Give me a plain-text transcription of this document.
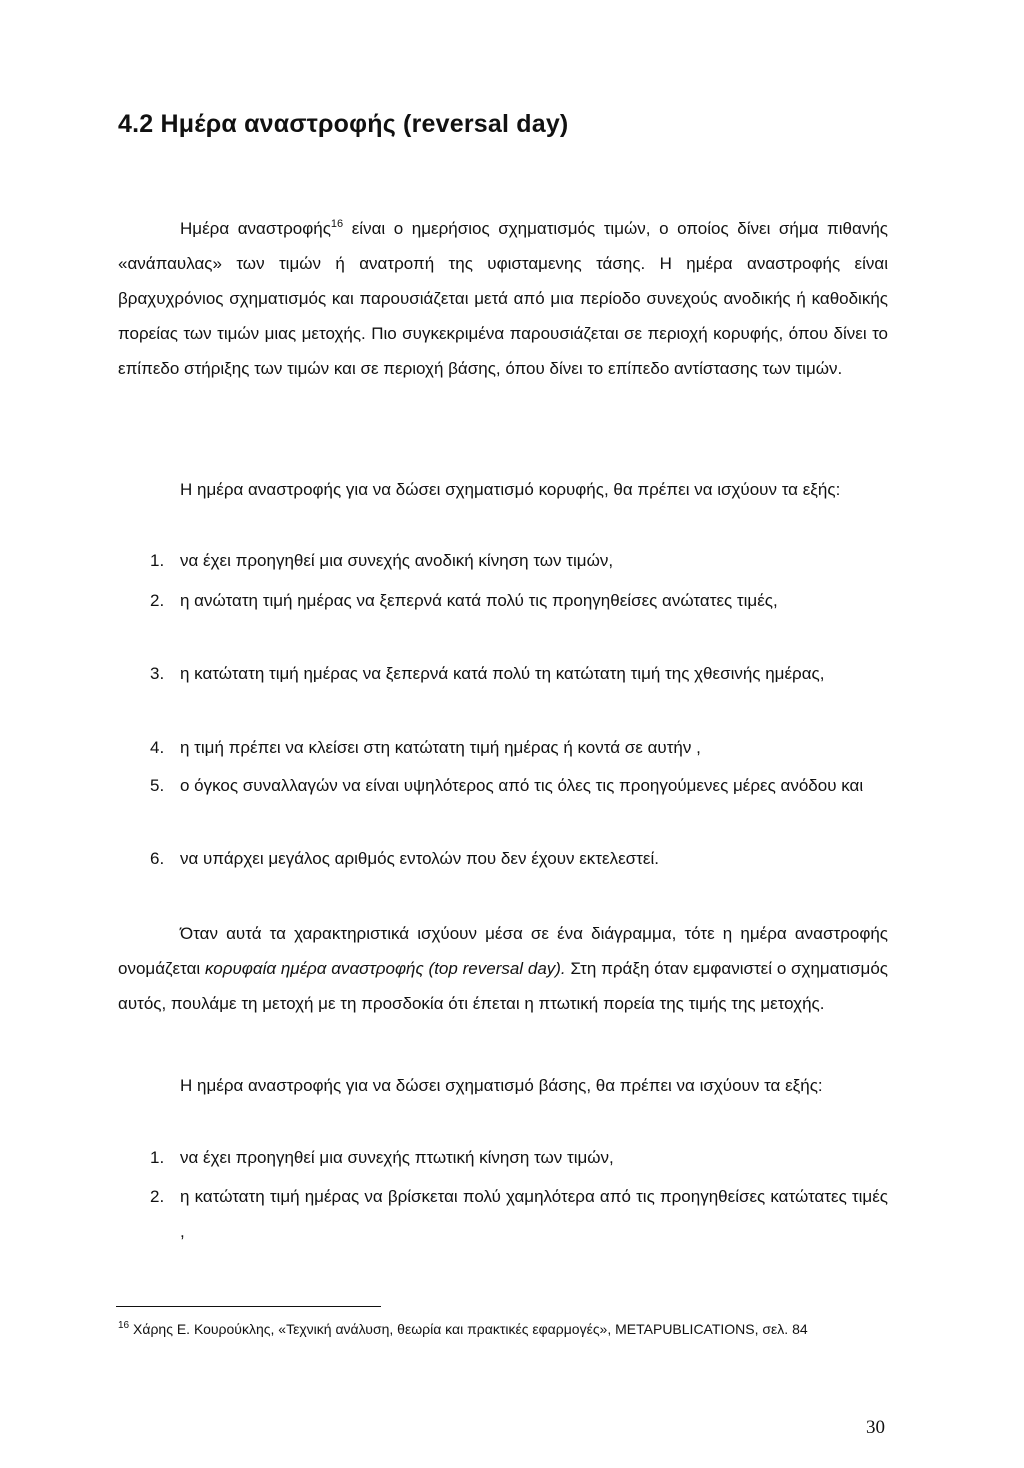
4.2 Ημέρα αναστροφής (reversal day)
Ημέρα αναστροφής$^{16}$ είναι ο ημερήσιος σχηματισμός τιμών, ο οποίος δίνει σήμα πιθανής «ανάπαυλας» των τιμών ή ανατροπή της υφισταμενης τάσης. Η ημέρα αναστροφής είναι βραχυχρόνιος σχηματισμός και παρουσιάζεται μετά από μια περίοδο συνεχούς ανοδικής ή καθοδικής πορείας των τιμών μιας μετοχής. Πιο συγκεκριμένα παρουσιάζεται σε περιοχή κορυφής, όπου δίνει το επίπεδο στήριξης των τιμών και σε περιοχή βάσης, όπου δίνει το επίπεδο αντίστασης των τιμών.
Η ημέρα αναστροφής για να δώσει σχηματισμό κορυφής, θα πρέπει να ισχύουν τα εξής:
1. να έχει προηγηθεί μια συνεχής ανοδική κίνηση των τιμών,
2. η ανώτατη τιμή ημέρας να ξεπερνά κατά πολύ τις προηγηθείσες ανώτατες τιμές,
3. η κατώτατη τιμή ημέρας να ξεπερνά κατά πολύ τη κατώτατη τιμή της χθεσινής ημέρας,
4. η τιμή πρέπει να κλείσει στη κατώτατη τιμή ημέρας ή κοντά σε αυτήν ,
5. ο όγκος συναλλαγών να είναι υψηλότερος από τις όλες τις προηγούμενες μέρες ανόδου και
6. να υπάρχει μεγάλος αριθμός εντολών που δεν έχουν εκτελεστεί.
Όταν αυτά τα χαρακτηριστικά ισχύουν μέσα σε ένα διάγραμμα, τότε η ημέρα αναστροφής ονομάζεται κορυφαία ημέρα αναστροφής (top reversal day). Στη πράξη όταν εμφανιστεί ο σχηματισμός αυτός, πουλάμε τη μετοχή με τη προσδοκία ότι έπεται η πτωτική πορεία της τιμής της μετοχής.
Η ημέρα αναστροφής για να δώσει σχηματισμό βάσης, θα πρέπει να ισχύουν τα εξής:
1. να έχει προηγηθεί μια συνεχής πτωτική κίνηση των τιμών,
2. η κατώτατη τιμή ημέρας να βρίσκεται πολύ χαμηλότερα από τις προηγηθείσες κατώτατες τιμές ,
$^{16}$ Χάρης Ε. Κουρούκλης, «Τεχνική ανάλυση, θεωρία και πρακτικές εφαρμογές», METAPUBLICATIONS, σελ. 84
30
